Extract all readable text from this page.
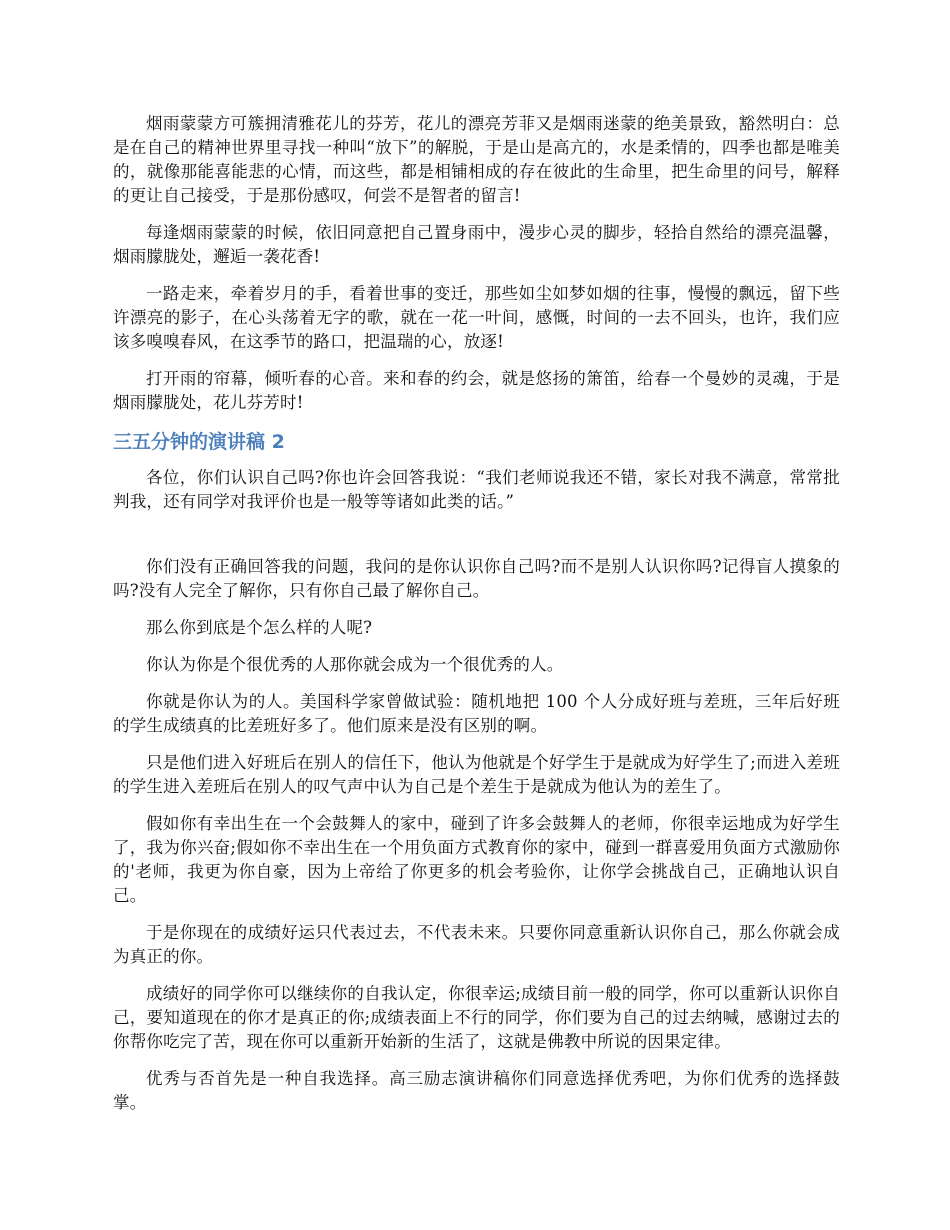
烟雨蒙蒙方可簇拥清雅花儿的芬芳，花儿的漂亮芳菲又是烟雨迷蒙的绝美景致，豁然明白：总是在自己的精神世界里寻找一种叫“放下”的解脱，于是山是高亢的，水是柔情的，四季也都是唯美的，就像那能喜能悲的心情，而这些，都是相铺相成的存在彼此的生命里，把生命里的问号，解释的更让自己接受，于是那份感叹，何尝不是智者的留言!

每逢烟雨蒙蒙的时候，依旧同意把自己置身雨中，漫步心灵的脚步，轻拾自然给的漂亮温馨，烟雨朦胧处，邂逅一袭花香!

一路走来，牵着岁月的手，看着世事的变迁，那些如尘如梦如烟的往事，慢慢的飘远，留下些许漂亮的影子，在心头荡着无字的歌，就在一花一叶间，感慨，时间的一去不回头，也许，我们应该多嗅嗅春风，在这季节的路口，把温瑞的心，放逐!

打开雨的帘幕，倾听春的心音。来和春的约会，就是悠扬的箫笛，给春一个曼妙的灵魂，于是烟雨朦胧处，花儿芬芳时!

三五分钟的演讲稿 2

各位，你们认识自己吗?你也许会回答我说：“我们老师说我还不错，家长对我不满意，常常批判我，还有同学对我评价也是一般等等诸如此类的话。”

你们没有正确回答我的问题，我问的是你认识你自己吗?而不是别人认识你吗?记得盲人摸象的吗?没有人完全了解你，只有你自己最了解你自己。

那么你到底是个怎么样的人呢?

你认为你是个很优秀的人那你就会成为一个很优秀的人。

你就是你认为的人。美国科学家曾做试验：随机地把 100 个人分成好班与差班，三年后好班的学生成绩真的比差班好多了。他们原来是没有区别的啊。

只是他们进入好班后在别人的信任下，他认为他就是个好学生于是就成为好学生了;而进入差班的学生进入差班后在别人的叹气声中认为自己是个差生于是就成为他认为的差生了。

假如你有幸出生在一个会鼓舞人的家中，碰到了许多会鼓舞人的老师，你很幸运地成为好学生了，我为你兴奋;假如你不幸出生在一个用负面方式教育你的家中，碰到一群喜爱用负面方式激励你的'老师，我更为你自豪，因为上帝给了你更多的机会考验你，让你学会挑战自己，正确地认识自己。

于是你现在的成绩好运只代表过去，不代表未来。只要你同意重新认识你自己，那么你就会成为真正的你。

成绩好的同学你可以继续你的自我认定，你很幸运;成绩目前一般的同学，你可以重新认识你自己，要知道现在的你才是真正的你;成绩表面上不行的同学，你们要为自己的过去纳喊，感谢过去的你帮你吃完了苦，现在你可以重新开始新的生活了，这就是佛教中所说的因果定律。

优秀与否首先是一种自我选择。高三励志演讲稿你们同意选择优秀吧，为你们优秀的选择鼓掌。
